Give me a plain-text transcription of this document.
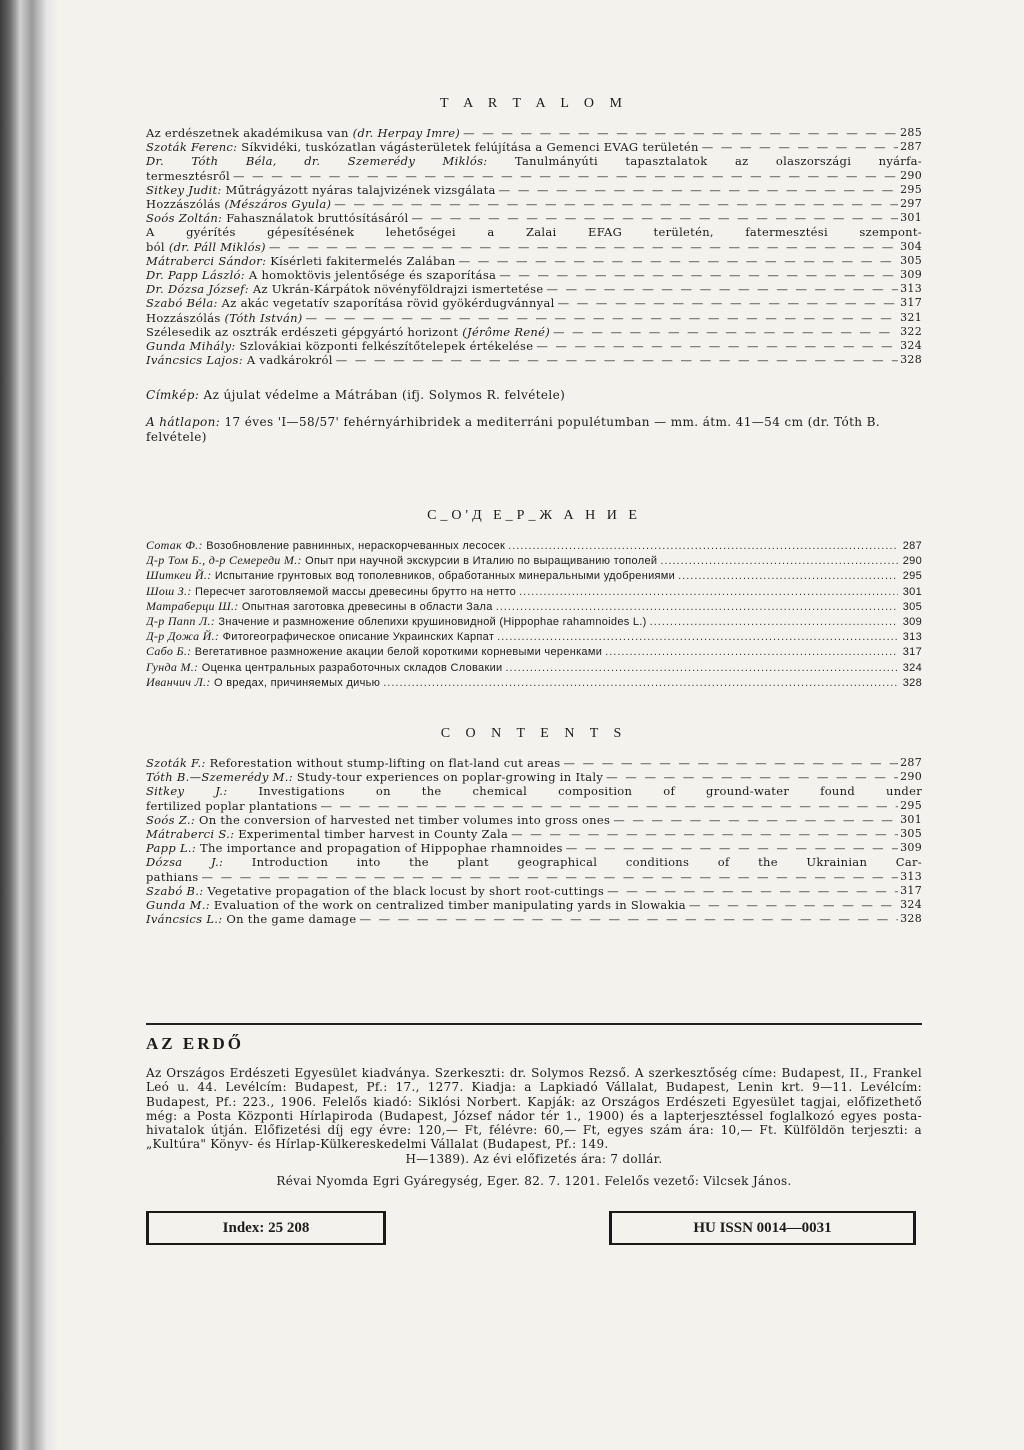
T A R T A L O M
Az erdészetnek akadémikusa van (dr. Herpay Imre) — — —	285
Szoták Ferenc: Síkvidéki, tuskózatlan vágásterületek felújítása a Gemenci EVAG területén — — —	287
Dr. Tóth Béla, dr. Szemerédy Miklós: Tanulmányúti tapasztalatok az olaszországi nyárfa-
termesztésről — — —	290
Sitkey Judit: Műtrágyázott nyáras talajvizének vizsgálata — — —	295
Hozzászólás (Mészáros Gyula) — — —	297
Soós Zoltán: Fahasználatok bruttósításáról — — —	301
A gyérítés gépesítésének lehetőségei a Zalai EFAG területén, fatermesztési szempont-
ból (dr. Páll Miklós) — — —	304
Mátraberci Sándor: Kísérleti fakitermelés Zalában — — —	305
Dr. Papp László: A homoktövis jelentősége és szaporítása — — —	309
Dr. Dózsa József: Az Ukrán-Kárpátok növényföldrajzi ismertetése — — —	313
Szabó Béla: Az akác vegetatív szaporítása rövid gyökérdugvánnyal — — —	317
Hozzászólás (Tóth István) — — —	321
Szélesedik az osztrák erdészeti gépgyártó horizont (Jérôme René) — — —	322
Gunda Mihály: Szlovákiai központi felkészítőtelepek értékelése — — —	324
Iváncsics Lajos: A vadkárokról — — —	328
Címkép: Az újulat védelme a Mátrában (ifj. Solymos R. felvétele)
A hátlapon: 17 éves 'I—58/57' fehérnyárhibridek a mediterráni populétumban — mm. átm. 41—54 cm (dr. Tóth B. felvétele)
С_О'Д Е_Р_Ж А Н И Е
Сотак Ф.: Возобновление равнинных, нераскорчеванных лесосек .....	287
Д-р Том Б., д-р Семереди М.: Опыт при научной экскурсии в Италию по выращиванию тополей .....	290
Шиткеи Й.: Испытание грунтовых вод тополевников, обработанных минеральными удобрениями .....	295
Шош З.: Пересчет заготовляемой массы древесины брутто на нетто .....	301
Матраберци Ш.: Опытная заготовка древесины в области Зала .....	305
Д-р Папп Л.: Значение и размножение облепихи крушиновидной (Hippophae rahamnoides L.) .....	309
Д-р Дожа Й.: Фитогеографическое описание Украинских Карпат .....	313
Сабо Б.: Вегетативное размножение акации белой короткими корневыми черенками .....	317
Гунда М.: Оценка центральных разработочных складов Словакии .....	324
Иванчич Л.: О вредах, причиняемых дичью .....	328
C O N T E N T S
Szoták F.: Reforestation without stump-lifting on flat-land cut areas — — —	287
Tóth B.—Szemerédy M.: Study-tour experiences on poplar-growing in Italy — — —	290
Sitkey J.: Investigations on the chemical composition of ground-water found under
fertilized poplar plantations — — —	295
Soós Z.: On the conversion of harvested net timber volumes into gross ones — — —	301
Mátraberci S.: Experimental timber harvest in County Zala — — —	305
Papp L.: The importance and propagation of Hippophae rhamnoides — — —	309
Dózsa J.: Introduction into the plant geographical conditions of the Ukrainian Car-
pathians — — —	313
Szabó B.: Vegetative propagation of the black locust by short root-cuttings — — —	317
Gunda M.: Evaluation of the work on centralized timber manipulating yards in Slowakia — — —	324
Iváncsics L.: On the game damage — — —	328
AZ ERDŐ
Az Országos Erdészeti Egyesület kiadványa. Szerkeszti: dr. Solymos Rezső. A szerkesztőség címe: Budapest, II., Frankel Leó u. 44. Levélcím: Budapest, Pf.: 17., 1277. Kiadja: a Lapkiadó Vállalat, Budapest, Lenin krt. 9—11. Levélcím: Budapest, Pf.: 223., 1906. Felelős kiadó: Siklósi Norbert. Kapják: az Országos Erdészeti Egyesület tagjai, előfizethető még: a Posta Központi Hírlapiroda (Budapest, József nádor tér 1., 1900) és a lapterjesztéssel foglalkozó egyes posta-hivatalok útján. Előfizetési díj egy évre: 120,— Ft, félévre: 60,— Ft, egyes szám ára: 10,— Ft. Külföldön terjeszti: a „Kultúra" Könyv- és Hírlap-Külkereskedelmi Vállalat (Budapest, Pf.: 149.
H—1389). Az évi előfizetés ára: 7 dollár.
Révai Nyomda Egri Gyáregység, Eger. 82. 7. 1201. Felelős vezető: Vilcsek János.
Index: 25 208	HU ISSN 0014—0031
